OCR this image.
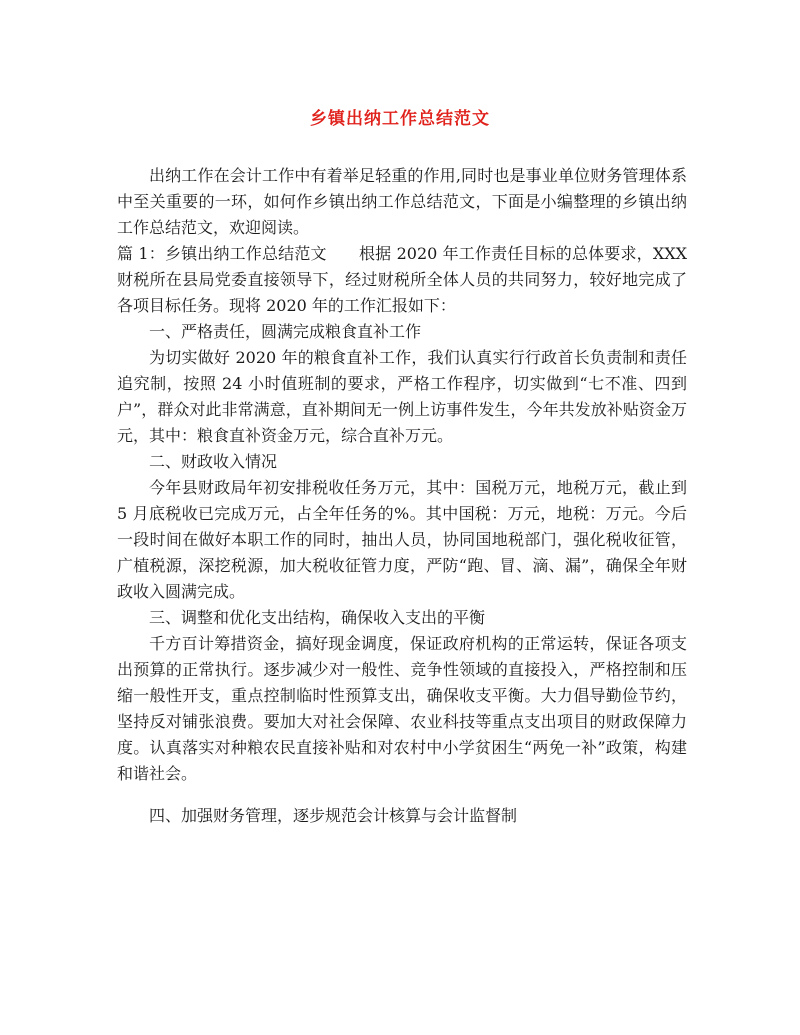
乡镇出纳工作总结范文

出纳工作在会计工作中有着举足轻重的作用,同时也是事业单位财务管理体系中至关重要的一环，如何作乡镇出纳工作总结范文，下面是小编整理的乡镇出纳工作总结范文，欢迎阅读。

篇 1：乡镇出纳工作总结范文　　根据 2020 年工作责任目标的总体要求，XXX 财税所在县局党委直接领导下，经过财税所全体人员的共同努力，较好地完成了各项目标任务。现将 2020 年的工作汇报如下：

一、严格责任，圆满完成粮食直补工作

为切实做好 2020 年的粮食直补工作，我们认真实行行政首长负责制和责任追究制，按照 24 小时值班制的要求，严格工作程序，切实做到“七不准、四到户”，群众对此非常满意，直补期间无一例上访事件发生，今年共发放补贴资金万元，其中：粮食直补资金万元，综合直补万元。

二、财政收入情况

今年县财政局年初安排税收任务万元，其中：国税万元，地税万元，截止到 5 月底税收已完成万元，占全年任务的%。其中国税：万元，地税：万元。今后一段时间在做好本职工作的同时，抽出人员，协同国地税部门，强化税收征管，广植税源，深挖税源，加大税收征管力度，严防“跑、冒、滴、漏”，确保全年财政收入圆满完成。

三、调整和优化支出结构，确保收入支出的平衡

千方百计筹措资金，搞好现金调度，保证政府机构的正常运转，保证各项支出预算的正常执行。逐步减少对一般性、竞争性领域的直接投入，严格控制和压缩一般性开支，重点控制临时性预算支出，确保收支平衡。大力倡导勤俭节约，坚持反对铺张浪费。要加大对社会保障、农业科技等重点支出项目的财政保障力度。认真落实对种粮农民直接补贴和对农村中小学贫困生“两免一补”政策，构建和谐社会。

四、加强财务管理，逐步规范会计核算与会计监督制
